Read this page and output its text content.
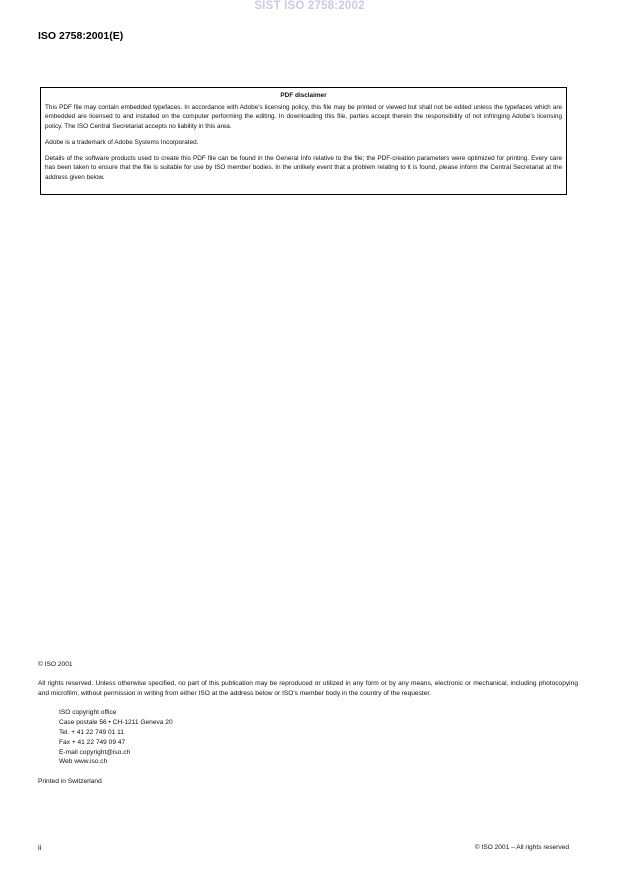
SIST ISO 2758:2002
ISO 2758:2001(E)
PDF disclaimer

This PDF file may contain embedded typefaces. In accordance with Adobe's licensing policy, this file may be printed or viewed but shall not be edited unless the typefaces which are embedded are licensed to and installed on the computer performing the editing. In downloading this file, parties accept therein the responsibility of not infringing Adobe's licensing policy. The ISO Central Secretariat accepts no liability in this area.

Adobe is a trademark of Adobe Systems Incorporated.

Details of the software products used to create this PDF file can be found in the General Info relative to the file; the PDF-creation parameters were optimized for printing. Every care has been taken to ensure that the file is suitable for use by ISO member bodies. In the unlikely event that a problem relating to it is found, please inform the Central Secretariat at the address given below.

© ISO 2001
All rights reserved. Unless otherwise specified, no part of this publication may be reproduced or utilized in any form or by any means, electronic or mechanical, including photocopying and microfilm, without permission in writing from either ISO at the address below or ISO's member body in the country of the requester.
ISO copyright office
Case postale 56 • CH-1211 Geneva 20
Tel. + 41 22 749 01 11
Fax + 41 22 749 09 47
E-mail copyright@iso.ch
Web www.iso.ch
Printed in Switzerland
ii	© ISO 2001 – All rights reserved
